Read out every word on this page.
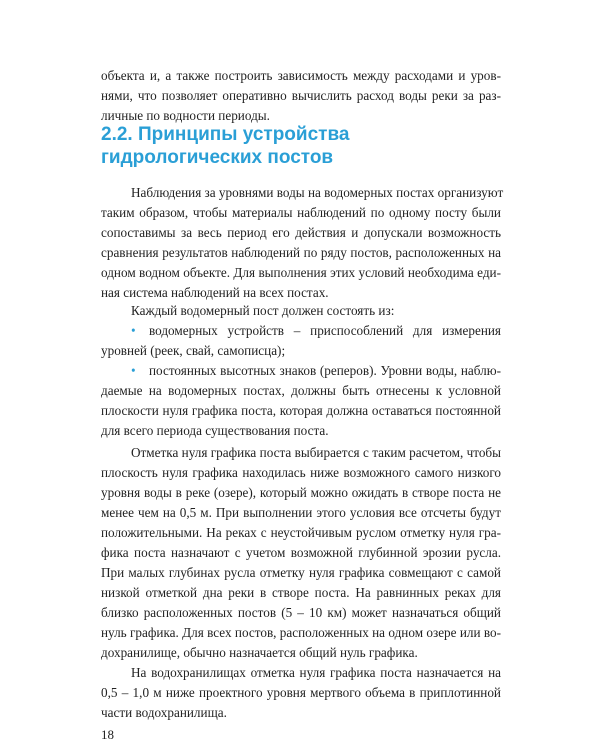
объекта и, а также построить зависимость между расходами и уров-
нями, что позволяет оперативно вычислить расход воды реки за раз-
личные по водности периоды.
2.2. Принципы устройства
гидрологических постов
Наблюдения за уровнями воды на водомерных постах организуют
таким образом, чтобы материалы наблюдений по одному посту были
сопоставимы за весь период его действия и допускали возможность
сравнения результатов наблюдений по ряду постов, расположенных на
одном водном объекте. Для выполнения этих условий необходима еди-
ная система наблюдений на всех постах.
Каждый водомерный пост должен состоять из:
•	водомерных устройств – приспособлений для измерения
уровней (реек, свай, самописца);
•	постоянных высотных знаков (реперов). Уровни воды, наблю-
даемые на водомерных постах, должны быть отнесены к условной
плоскости нуля графика поста, которая должна оставаться постоянной
для всего периода существования поста.
Отметка нуля графика поста выбирается с таким расчетом, чтобы
плоскость нуля графика находилась ниже возможного самого низкого
уровня воды в реке (озере), который можно ожидать в створе поста не
менее чем на 0,5 м. При выполнении этого условия все отсчеты будут
положительными. На реках с неустойчивым руслом отметку нуля гра-
фика поста назначают с учетом возможной глубинной эрозии русла.
При малых глубинах русла отметку нуля графика совмещают с самой
низкой отметкой дна реки в створе поста. На равнинных реках для
близко расположенных постов (5 – 10 км) может назначаться общий
нуль графика. Для всех постов, расположенных на одном озере или во-
дохранилище, обычно назначается общий нуль графика.
На водохранилищах отметка нуля графика поста назначается на
0,5 – 1,0 м ниже проектного уровня мертвого объема в приплотинной
части водохранилища.
18
